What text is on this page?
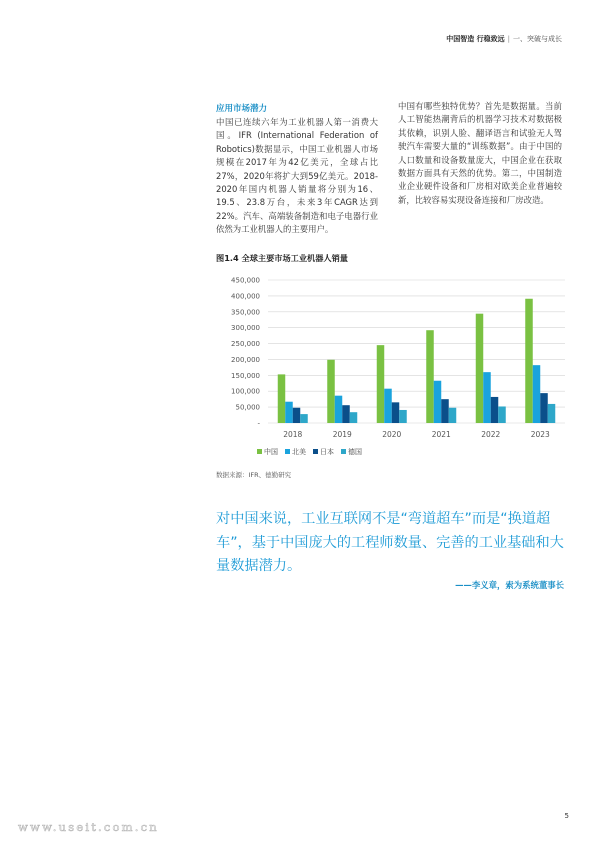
中国智造 行稳致远 | 一、突破与成长
应用市场潜力
中国已连续六年为工业机器人第一消费大国。IFR (International Federation of Robotics)数据显示，中国工业机器人市场规模在2017年为42亿美元，全球占比27%，2020年将扩大到59亿美元。2018-2020年国内机器人销量将分别为16、19.5、23.8万台，未来3年CAGR达到22%。汽车、高端装备制造和电子电器行业依然为工业机器人的主要用户。
中国有哪些独特优势？首先是数据量。当前人工智能热潮背后的机器学习技术对数据极其依赖，识别人脸、翻译语言和试验无人驾驶汽车需要大量的“训练数据”。由于中国的人口数量和设备数量庞大，中国企业在获取数据方面具有天然的优势。第二，中国制造业企业硬件设备和厂房相对欧美企业普遍较新，比较容易实现设备连接和厂房改造。
图1.4 全球主要市场工业机器人销量
450,000
400,000
350,000
300,000
250,000
200,000
150,000
100,000
50,000
-
2018	2019	2020	2021	2022	2023
中国 北美 日本 德国
数据来源：IFR、德勤研究
对中国来说，工业互联网不是“弯道超车”而是“换道超车”，基于中国庞大的工程师数量、完善的工业基础和大量数据潜力。
——李义章，索为系统董事长
5
www.useit.com.cn
